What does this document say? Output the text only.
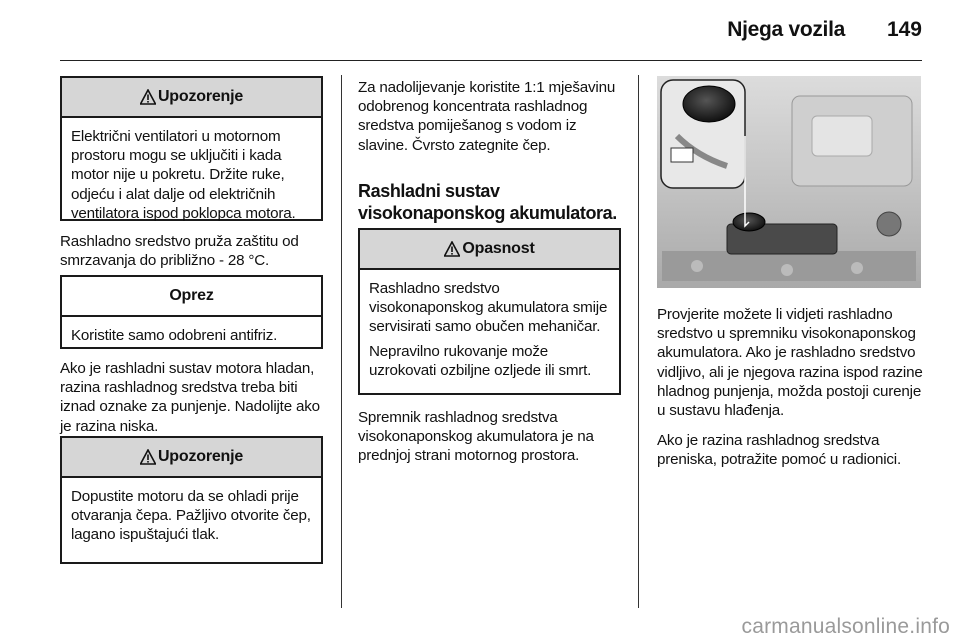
Njega vozila	149
Upozorenje

Električni ventilatori u motornom prostoru mogu se uključiti i kada motor nije u pokretu. Držite ruke, odjeću i alat dalje od električnih ventilatora ispod poklopca motora.

Rashladno sredstvo pruža zaštitu od smrzavanja do približno - 28 °C.

Oprez

Koristite samo odobreni antifriz.

Ako je rashladni sustav motora hladan, razina rashladnog sredstva treba biti iznad oznake za punjenje. Nadolijte ako je razina niska.

Upozorenje

Dopustite motoru da se ohladi prije otvaranja čepa. Pažljivo otvorite čep, lagano ispuštajući tlak.

Za nadolijevanje koristite 1:1 mješavinu odobrenog koncentrata rashladnog sredstva pomiješanog s vodom iz slavine. Čvrsto zategnite čep.

Rashladni sustav visokonaponskog akumulatora.

Opasnost

Rashladno sredstvo visokonaponskog akumulatora smije servisirati samo obučen mehaničar.

Nepravilno rukovanje može uzrokovati ozbiljne ozljede ili smrt.

Spremnik rashladnog sredstva visokonaponskog akumulatora je na prednjoj strani motornog prostora.

Provjerite možete li vidjeti rashladno sredstvo u spremniku visokonaponskog akumulatora. Ako je rashladno sredstvo vidljivo, ali je njegova razina ispod razine hladnog punjenja, možda postoji curenje u sustavu hlađenja.

Ako je razina rashladnog sredstva preniska, potražite pomoć u radionici.

carmanualsonline.info
